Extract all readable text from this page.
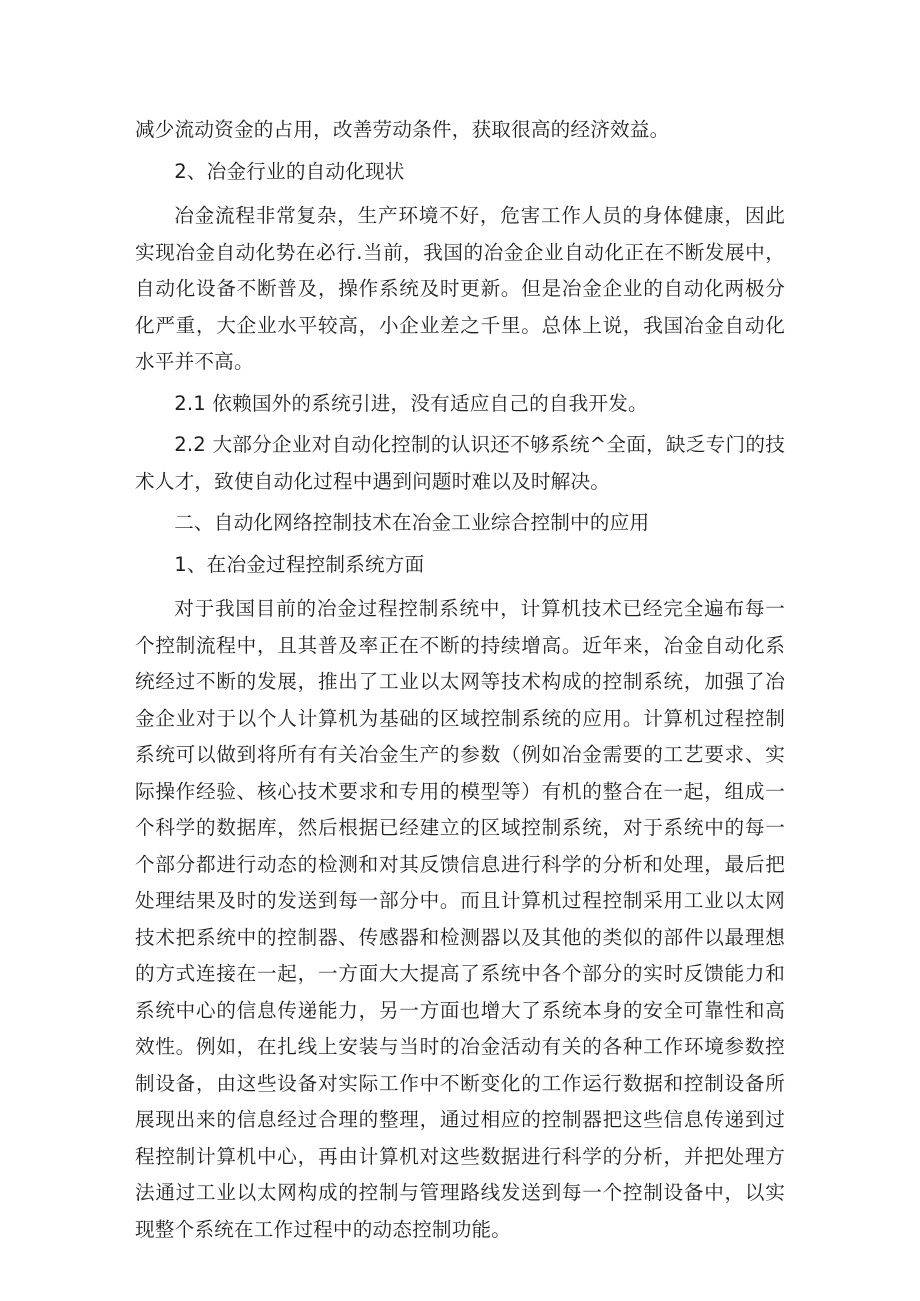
减少流动资金的占用，改善劳动条件，获取很高的经济效益。

2、冶金行业的自动化现状

冶金流程非常复杂，生产环境不好，危害工作人员的身体健康，因此实现冶金自动化势在必行.当前，我国的冶金企业自动化正在不断发展中，自动化设备不断普及，操作系统及时更新。但是冶金企业的自动化两极分化严重，大企业水平较高，小企业差之千里。总体上说，我国冶金自动化水平并不高。

2.1 依赖国外的系统引进，没有适应自己的自我开发。

2.2 大部分企业对自动化控制的认识还不够系统^全面，缺乏专门的技术人才，致使自动化过程中遇到问题时难以及时解决。

二、自动化网络控制技术在冶金工业综合控制中的应用

1、在冶金过程控制系统方面

对于我国目前的冶金过程控制系统中，计算机技术已经完全遍布每一个控制流程中，且其普及率正在不断的持续增高。近年来，冶金自动化系统经过不断的发展，推出了工业以太网等技术构成的控制系统，加强了冶金企业对于以个人计算机为基础的区域控制系统的应用。计算机过程控制系统可以做到将所有有关冶金生产的参数（例如冶金需要的工艺要求、实际操作经验、核心技术要求和专用的模型等）有机的整合在一起，组成一个科学的数据库，然后根据已经建立的区域控制系统，对于系统中的每一个部分都进行动态的检测和对其反馈信息进行科学的分析和处理，最后把处理结果及时的发送到每一部分中。而且计算机过程控制采用工业以太网技术把系统中的控制器、传感器和检测器以及其他的类似的部件以最理想的方式连接在一起，一方面大大提高了系统中各个部分的实时反馈能力和系统中心的信息传递能力，另一方面也增大了系统本身的安全可靠性和高效性。例如，在扎线上安装与当时的冶金活动有关的各种工作环境参数控制设备，由这些设备对实际工作中不断变化的工作运行数据和控制设备所展现出来的信息经过合理的整理，通过相应的控制器把这些信息传递到过程控制计算机中心，再由计算机对这些数据进行科学的分析，并把处理方法通过工业以太网构成的控制与管理路线发送到每一个控制设备中，以实现整个系统在工作过程中的动态控制功能。
